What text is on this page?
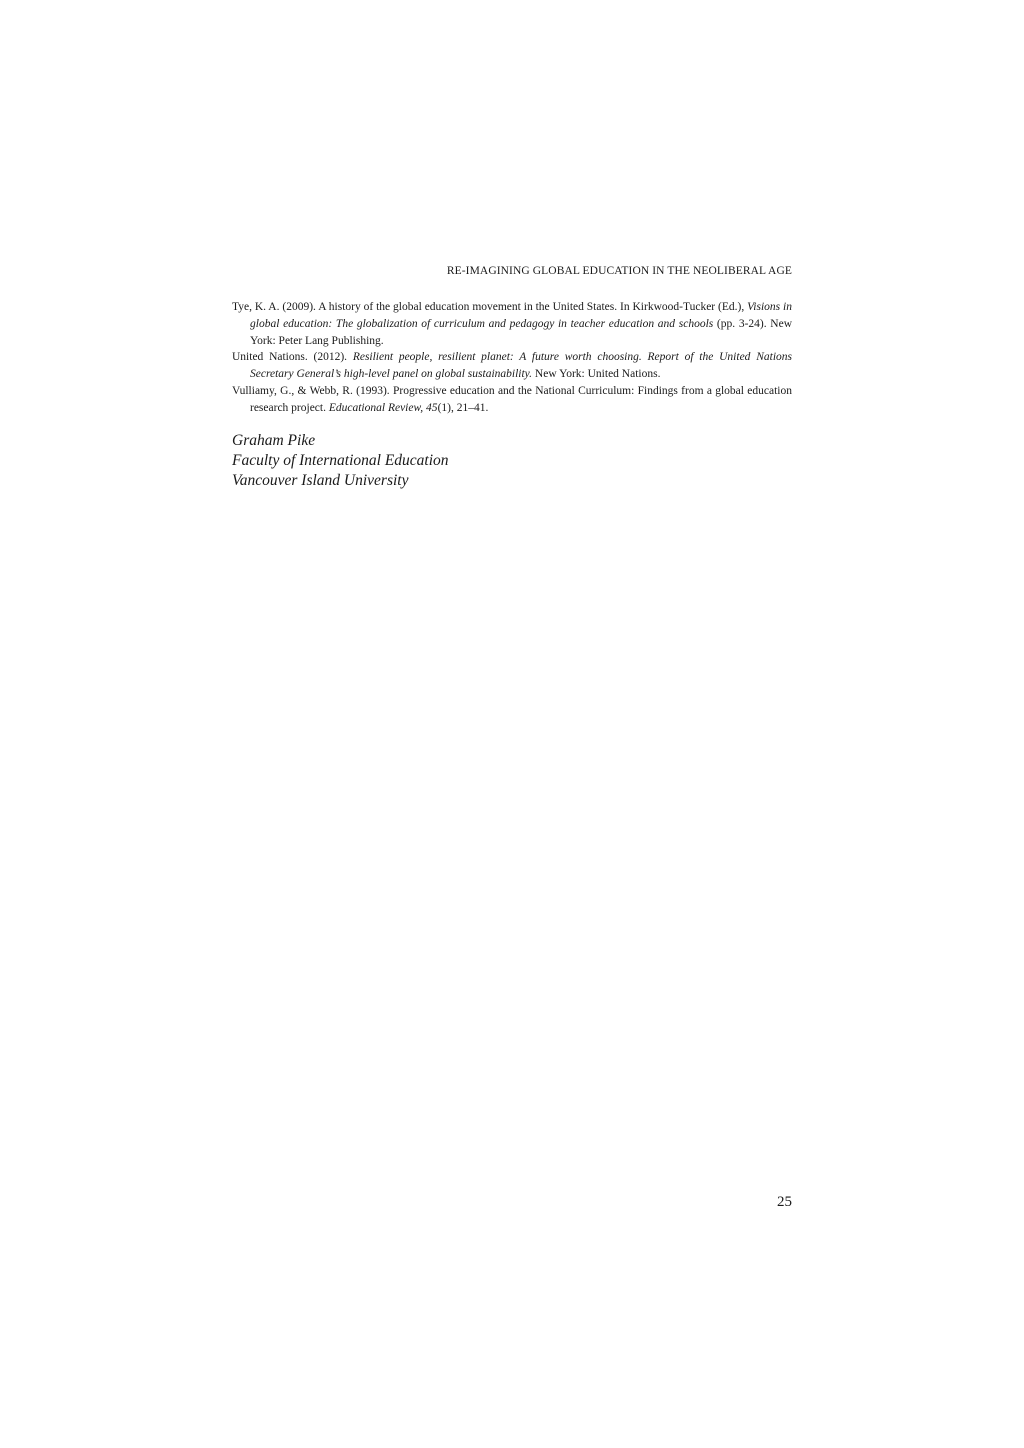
RE-IMAGINING GLOBAL EDUCATION IN THE NEOLIBERAL AGE

Tye, K. A. (2009). A history of the global education movement in the United States. In Kirkwood-Tucker (Ed.), Visions in global education: The globalization of curriculum and pedagogy in teacher education and schools (pp. 3-24). New York: Peter Lang Publishing.

United Nations. (2012). Resilient people, resilient planet: A future worth choosing. Report of the United Nations Secretary General’s high-level panel on global sustainability. New York: United Nations.

Vulliamy, G., & Webb, R. (1993). Progressive education and the National Curriculum: Findings from a global education research project. Educational Review, 45(1), 21–41.

Graham Pike

Faculty of International Education

Vancouver Island University

25
